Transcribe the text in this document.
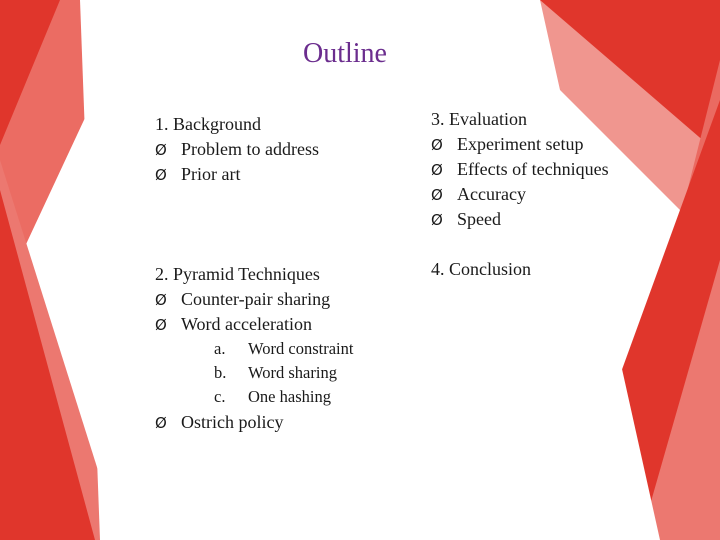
Outline
1. Background
Ø Problem to address
Ø Prior art
2. Pyramid Techniques
Ø Counter-pair sharing
Ø Word acceleration
a. Word constraint
b. Word sharing
c. One hashing
Ø Ostrich policy
3. Evaluation
Ø Experiment setup
Ø Effects of techniques
Ø Accuracy
Ø Speed
4. Conclusion
